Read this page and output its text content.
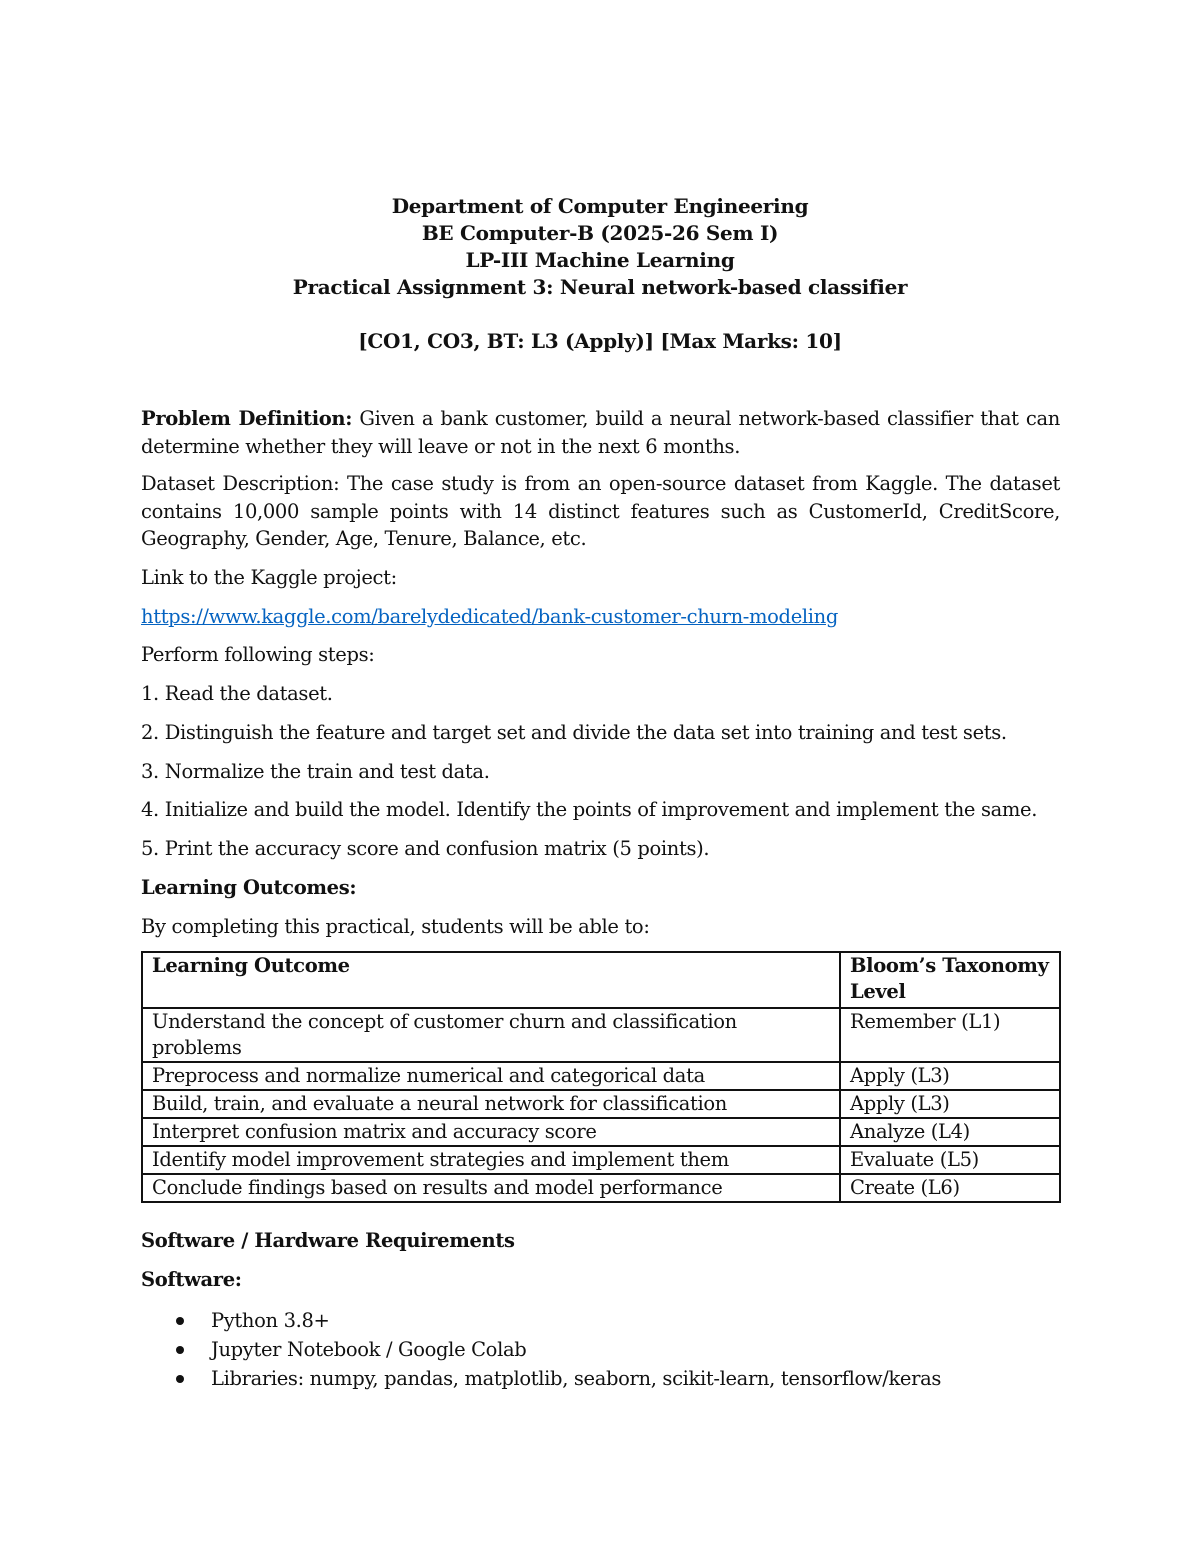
Department of Computer Engineering
BE Computer-B (2025-26 Sem I)
LP-III Machine Learning
Practical Assignment 3: Neural network-based classifier
[CO1, CO3, BT: L3 (Apply)] [Max Marks: 10]
Problem Definition: Given a bank customer, build a neural network-based classifier that can determine whether they will leave or not in the next 6 months.
Dataset Description: The case study is from an open-source dataset from Kaggle. The dataset contains 10,000 sample points with 14 distinct features such as CustomerId, CreditScore, Geography, Gender, Age, Tenure, Balance, etc.
Link to the Kaggle project:
https://www.kaggle.com/barelydedicated/bank-customer-churn-modeling
Perform following steps:
1. Read the dataset.
2. Distinguish the feature and target set and divide the data set into training and test sets.
3. Normalize the train and test data.
4. Initialize and build the model. Identify the points of improvement and implement the same.
5. Print the accuracy score and confusion matrix (5 points).
Learning Outcomes:
By completing this practical, students will be able to:
Learning Outcome	Bloom’s Taxonomy Level
Understand the concept of customer churn and classification problems	Remember (L1)
Preprocess and normalize numerical and categorical data	Apply (L3)
Build, train, and evaluate a neural network for classification	Apply (L3)
Interpret confusion matrix and accuracy score	Analyze (L4)
Identify model improvement strategies and implement them	Evaluate (L5)
Conclude findings based on results and model performance	Create (L6)
Software / Hardware Requirements
Software:
Python 3.8+
Jupyter Notebook / Google Colab
Libraries: numpy, pandas, matplotlib, seaborn, scikit-learn, tensorflow/keras
